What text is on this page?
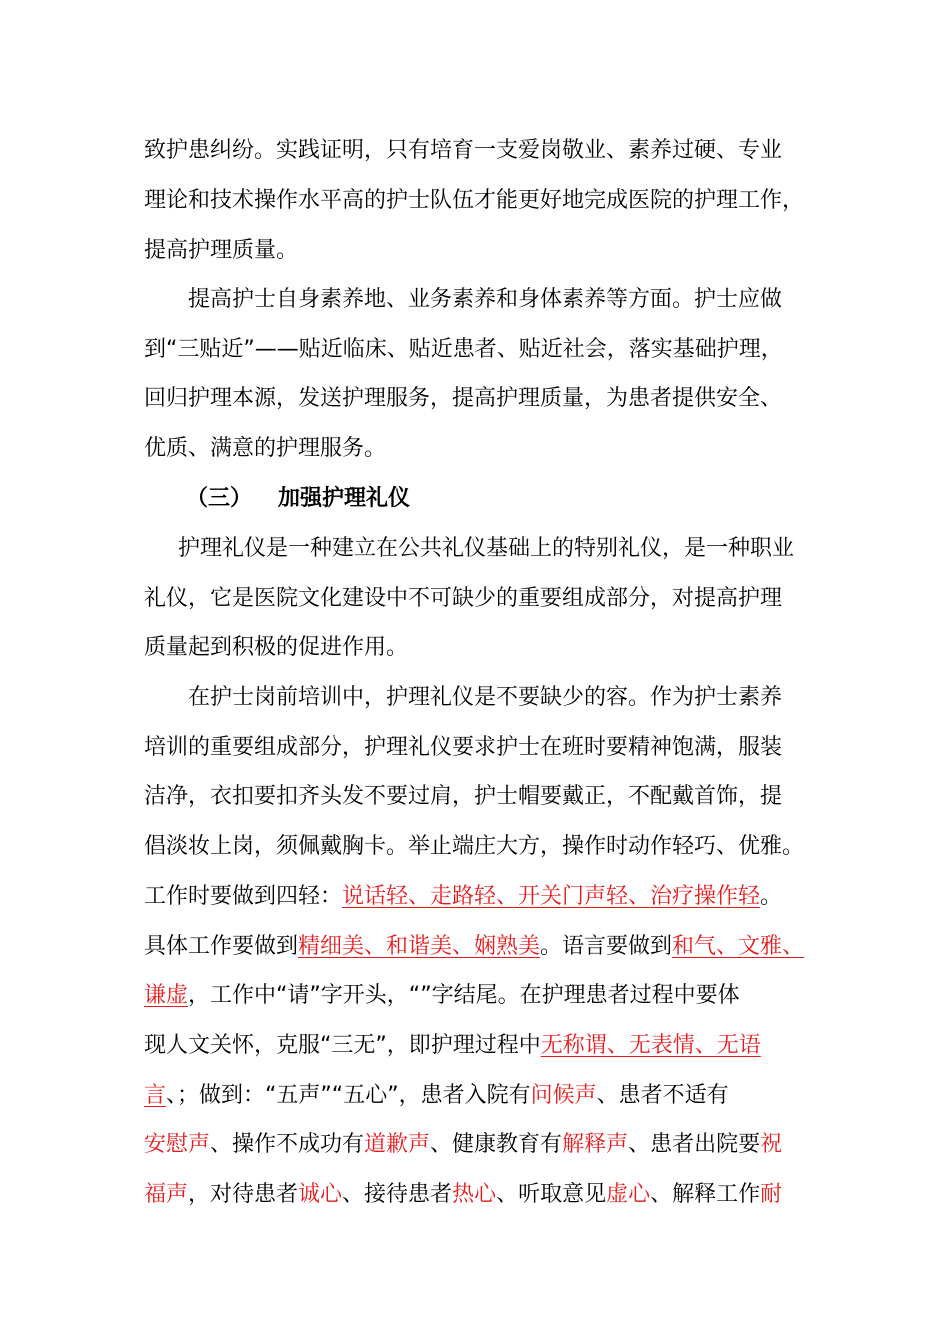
致护患纠纷。实践证明，只有培育一支爱岗敬业、素养过硬、专业
理论和技术操作水平高的护士队伍才能更好地完成医院的护理工作，
提高护理质量。
提高护士自身素养地、业务素养和身体素养等方面。护士应做
到“三贴近”——贴近临床、贴近患者、贴近社会，落实基础护理，
回归护理本源，发送护理服务，提高护理质量，为患者提供安全、
优质、满意的护理服务。
（三） 加强护理礼仪
护理礼仪是一种建立在公共礼仪基础上的特别礼仪，是一种职业
礼仪，它是医院文化建设中不可缺少的重要组成部分，对提高护理
质量起到积极的促进作用。
在护士岗前培训中，护理礼仪是不要缺少的容。作为护士素养
培训的重要组成部分，护理礼仪要求护士在班时要精神饱满，服装
洁净，衣扣要扣齐头发不要过肩，护士帽要戴正，不配戴首饰，提
倡淡妆上岗，须佩戴胸卡。举止端庄大方，操作时动作轻巧、优雅。
工作时要做到四轻：说话轻、走路轻、开关门声轻、治疗操作轻。
具体工作要做到精细美、和谐美、娴熟美。语言要做到和气、文雅、
谦虚，工作中“请”字开头，“”字结尾。在护理患者过程中要体
现人文关怀，克服“三无”，即护理过程中无称谓、无表情、无语
言、；做到：“五声”“五心”，患者入院有问候声、患者不适有
安慰声、操作不成功有道歉声、健康教育有解释声、患者出院要祝
福声，对待患者诚心、接待患者热心、听取意见虚心、解释工作耐
